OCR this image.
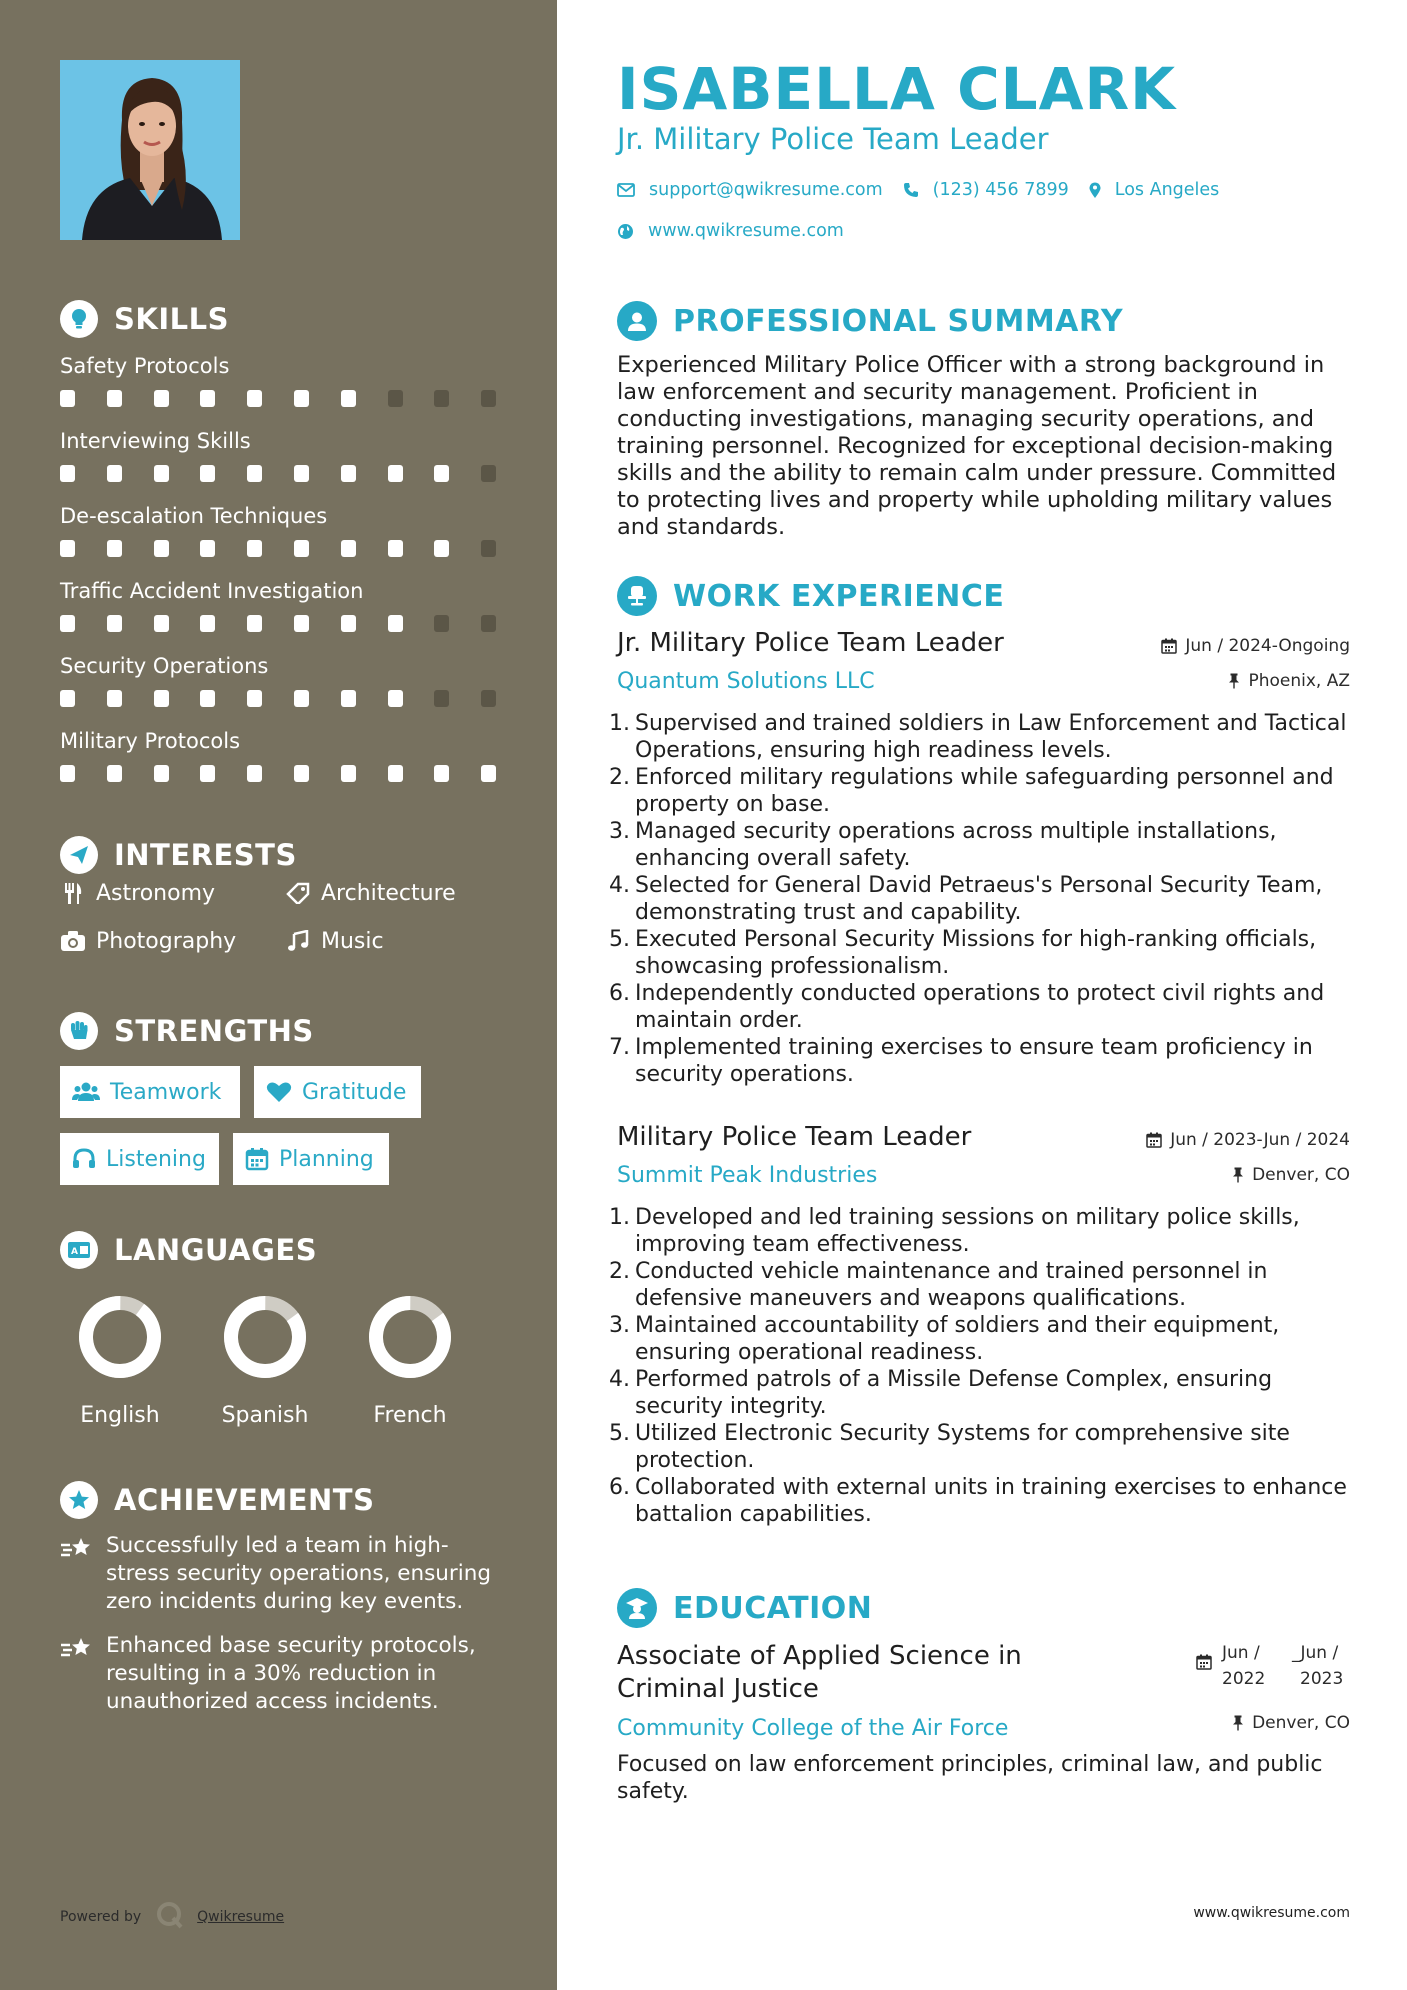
SKILLS
Safety Protocols
Interviewing Skills
De-escalation Techniques
Traffic Accident Investigation
Security Operations
Military Protocols
INTERESTS
Astronomy	Architecture
Photography	Music
STRENGTHS
Teamwork	Gratitude
Listening	Planning
A LANGUAGES
English	Spanish	French
ACHIEVEMENTS
Successfully led a team in high-stress security operations, ensuring zero incidents during key events.
Enhanced base security protocols, resulting in a 30% reduction in unauthorized access incidents.
Powered by	Qwikresume
ISABELLA CLARK
Jr. Military Police Team Leader
support@qwikresume.com	(123) 456 7899	Los Angeles
www.qwikresume.com
PROFESSIONAL SUMMARY
Experienced Military Police Officer with a strong background in law enforcement and security management. Proficient in conducting investigations, managing security operations, and training personnel. Recognized for exceptional decision-making skills and the ability to remain calm under pressure. Committed to protecting lives and property while upholding military values and standards.
WORK EXPERIENCE
Jr. Military Police Team Leader
Quantum Solutions LLC
Jun / 2024-Ongoing
Phoenix, AZ
1. Supervised and trained soldiers in Law Enforcement and Tactical Operations, ensuring high readiness levels.
2. Enforced military regulations while safeguarding personnel and property on base.
3. Managed security operations across multiple installations, enhancing overall safety.
4. Selected for General David Petraeus's Personal Security Team, demonstrating trust and capability.
5. Executed Personal Security Missions for high-ranking officials, showcasing professionalism.
6. Independently conducted operations to protect civil rights and maintain order.
7. Implemented training exercises to ensure team proficiency in security operations.
Military Police Team Leader
Summit Peak Industries
Jun / 2023-Jun / 2024
Denver, CO
1. Developed and led training sessions on military police skills, improving team effectiveness.
2. Conducted vehicle maintenance and trained personnel in defensive maneuvers and weapons qualifications.
3. Maintained accountability of soldiers and their equipment, ensuring operational readiness.
4. Performed patrols of a Missile Defense Complex, ensuring security integrity.
5. Utilized Electronic Security Systems for comprehensive site protection.
6. Collaborated with external units in training exercises to enhance battalion capabilities.
EDUCATION
Associate of Applied Science in Criminal Justice
Jun /
2022
_Jun /
2023
Community College of the Air Force
Focused on law enforcement principles, criminal law, and public safety.
Denver, CO
www.qwikresume.com
